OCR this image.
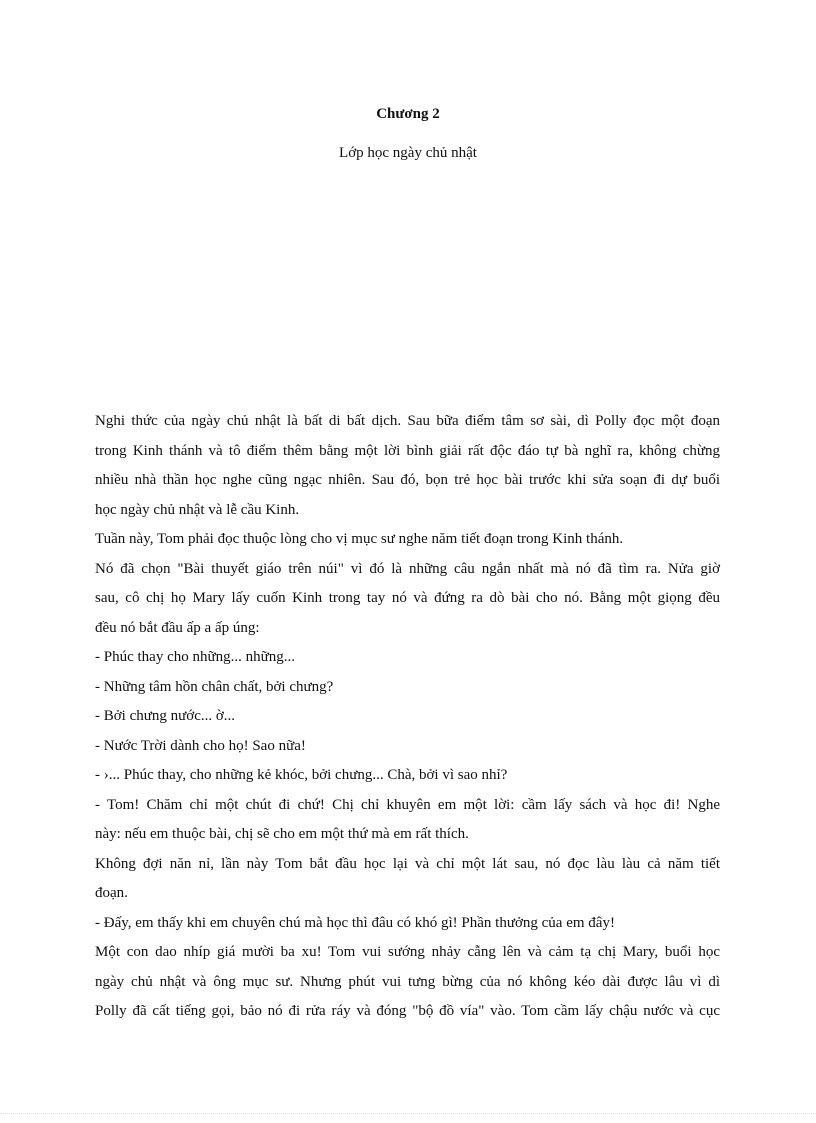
Chương 2
Lớp học ngày chủ nhật
Nghi thức của ngày chủ nhật là bất di bất dịch. Sau bữa điểm tâm sơ sài, dì Polly đọc một đoạn
trong Kinh thánh và tô điểm thêm bằng một lời bình giải rất độc đáo tự bà nghĩ ra, không chừng
nhiều nhà thần học nghe cũng ngạc nhiên. Sau đó, bọn trẻ học bài trước khi sửa soạn đi dự buổi
học ngày chủ nhật và lễ cầu Kinh.
Tuần này, Tom phải đọc thuộc lòng cho vị mục sư nghe năm tiết đoạn trong Kinh thánh.
Nó đã chọn "Bài thuyết giáo trên núi" vì đó là những câu ngắn nhất mà nó đã tìm ra. Nửa giờ
sau, cô chị họ Mary lấy cuốn Kinh trong tay nó và đứng ra dò bài cho nó. Bằng một giọng đều
đều nó bắt đầu ấp a ấp úng:
- Phúc thay cho những... những...
- Những tâm hồn chân chất, bởi chưng?
- Bởi chưng nước... ờ...
- Nước Trời dành cho họ! Sao nữa!
- ›... Phúc thay, cho những kẻ khóc, bởi chưng... Chà, bởi vì sao nhỉ?
- Tom! Chăm chỉ một chút đi chứ! Chị chỉ khuyên em một lời: cầm lấy sách và học đi! Nghe
này: nếu em thuộc bài, chị sẽ cho em một thứ mà em rất thích.
Không đợi năn nỉ, lần này Tom bắt đầu học lại và chỉ một lát sau, nó đọc làu làu cả năm tiết
đoạn.
- Đấy, em thấy khi em chuyên chú mà học thì đâu có khó gì! Phần thưởng của em đây!
Một con dao nhíp giá mười ba xu! Tom vui sướng nhảy cẫng lên và cảm tạ chị Mary, buổi học
ngày chủ nhật và ông mục sư. Nhưng phút vui tưng bừng của nó không kéo dài được lâu vì dì
Polly đã cất tiếng gọi, bảo nó đi rửa ráy và đóng "bộ đồ vía" vào. Tom cầm lấy chậu nước và cục
